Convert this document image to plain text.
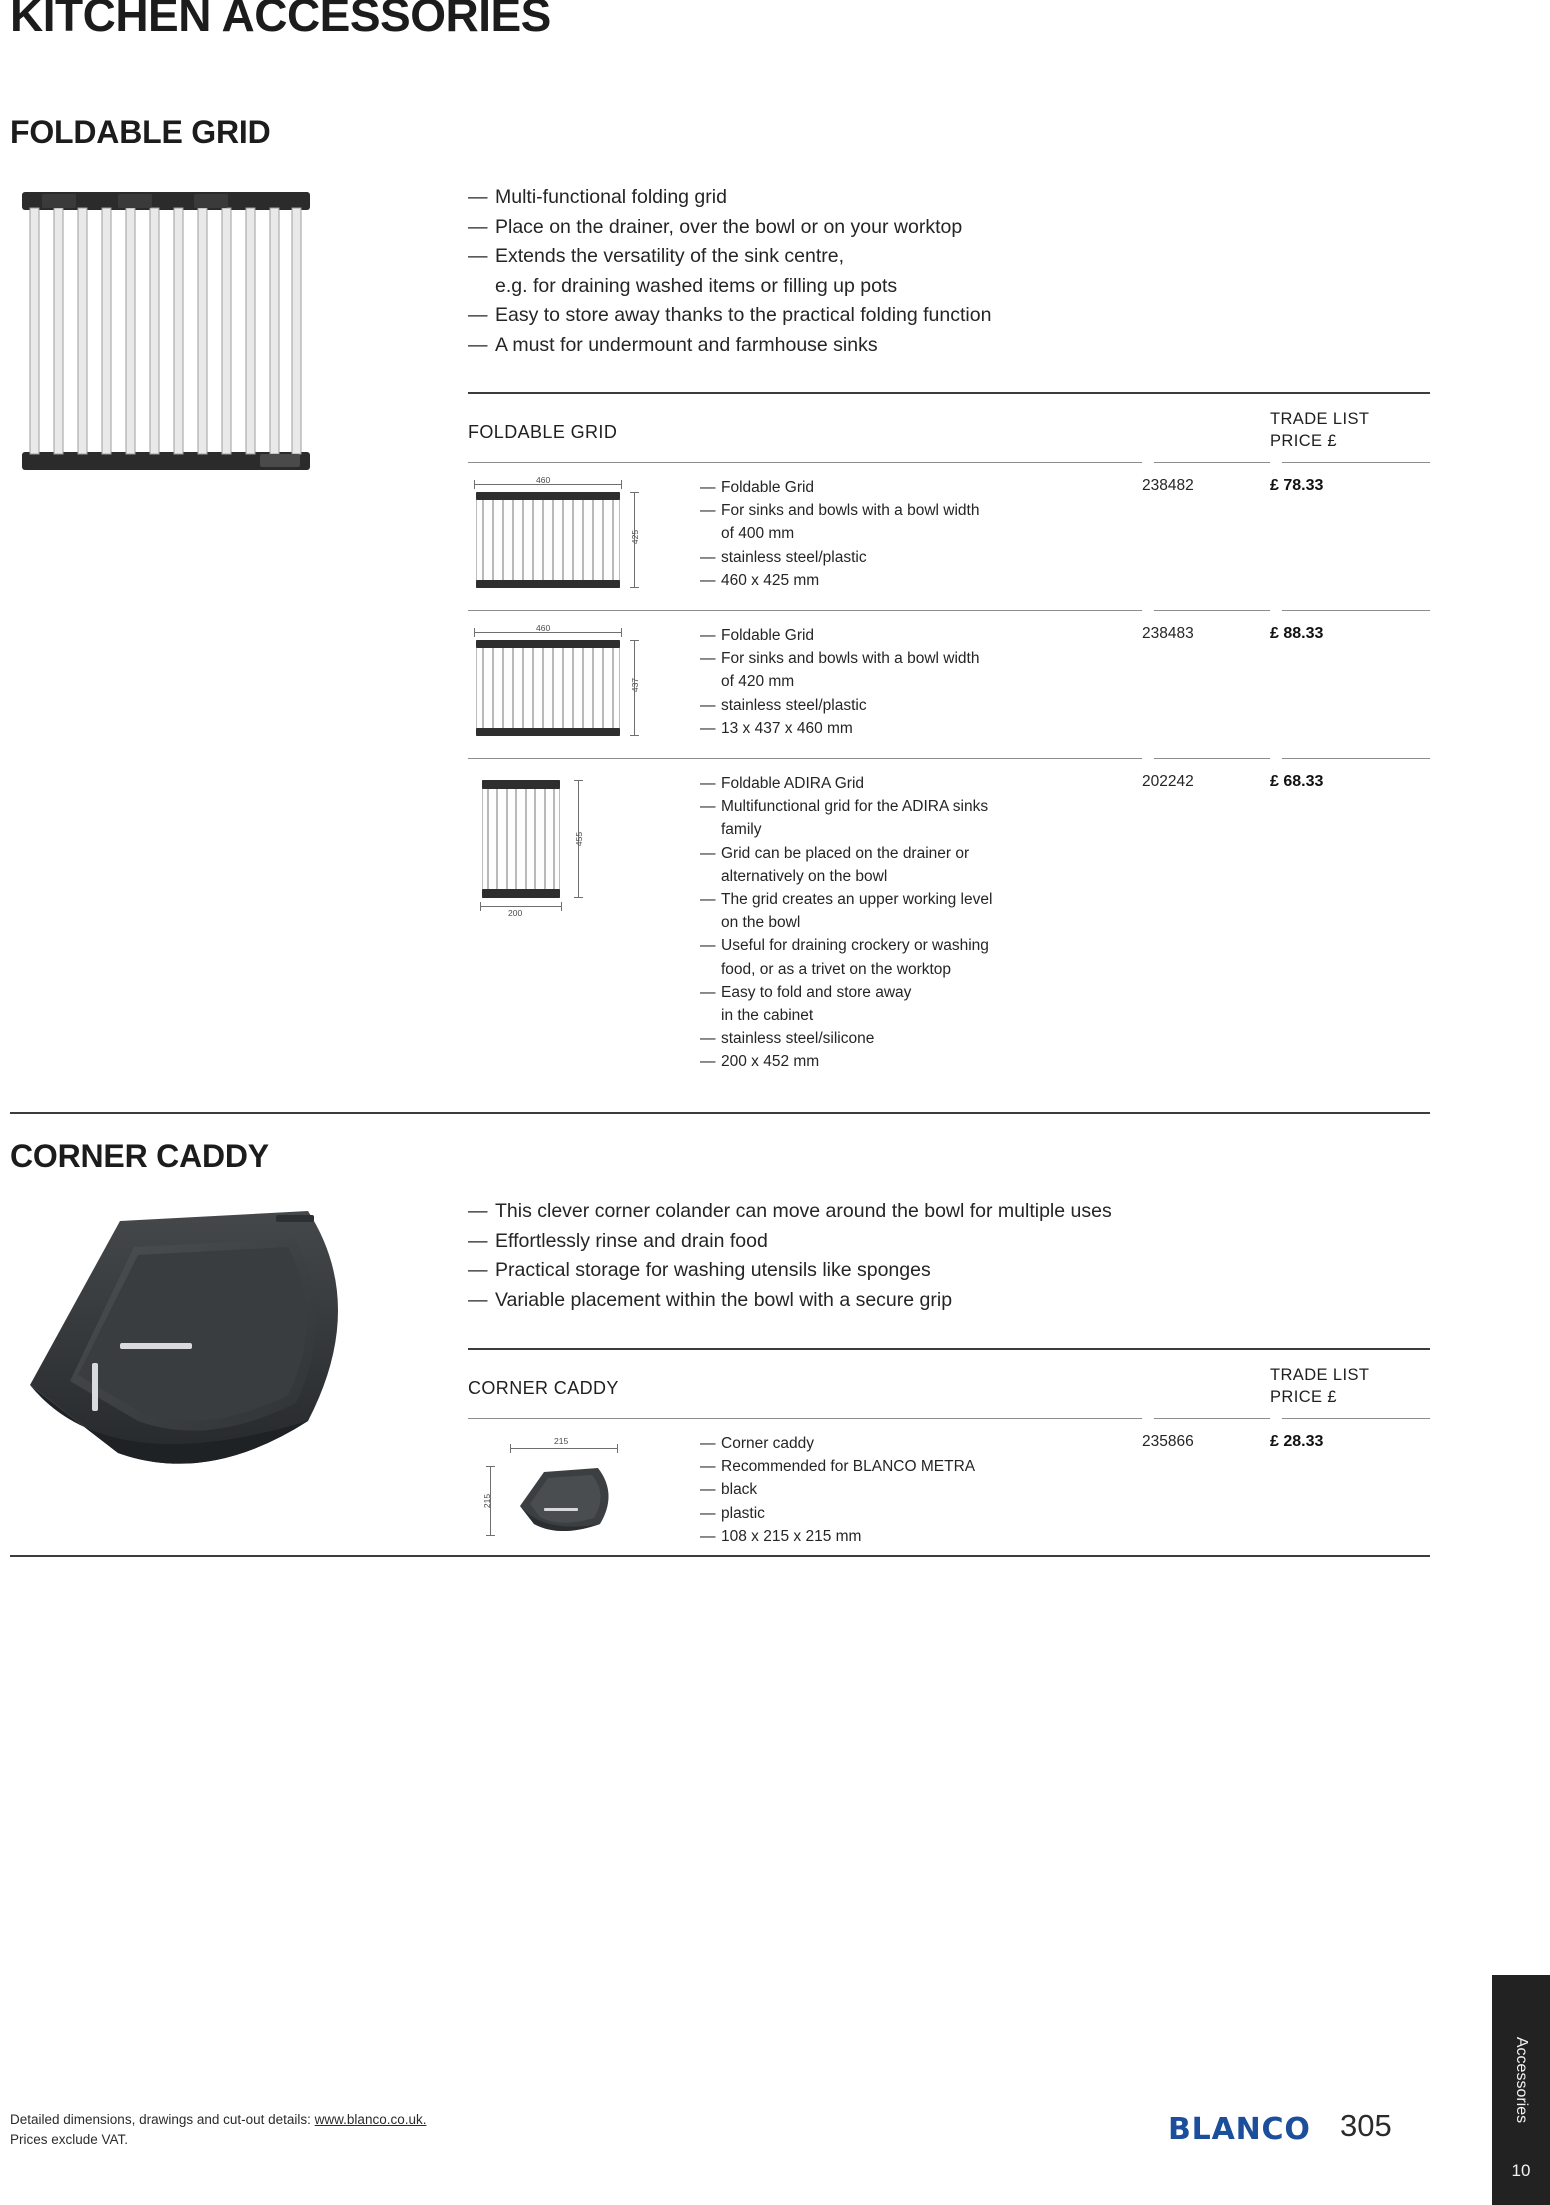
KITCHEN ACCESSORIES
FOLDABLE GRID
— Multi-functional folding grid
— Place on the drainer, over the bowl or on your worktop
— Extends the versatility of the sink centre,
e.g. for draining washed items or filling up pots
— Easy to store away thanks to the practical folding function
— A must for undermount and farmhouse sinks
FOLDABLE GRID
TRADE LIST
PRICE £
460
425
— Foldable Grid
— For sinks and bowls with a bowl width
of 400 mm
— stainless steel/plastic
— 460 x 425 mm
238482	£ 78.33
460
437
— Foldable Grid
— For sinks and bowls with a bowl width
of 420 mm
— stainless steel/plastic
— 13 x 437 x 460 mm
238483	£ 88.33
455
200
— Foldable ADIRA Grid
— Multifunctional grid for the ADIRA sinks
family
— Grid can be placed on the drainer or
alternatively on the bowl
— The grid creates an upper working level
on the bowl
— Useful for draining crockery or washing
food, or as a trivet on the worktop
— Easy to fold and store away
in the cabinet
— stainless steel/silicone
— 200 x 452 mm
202242	£ 68.33
CORNER CADDY
— This clever corner colander can move around the bowl for multiple uses
— Effortlessly rinse and drain food
— Practical storage for washing utensils like sponges
— Variable placement within the bowl with a secure grip
CORNER CADDY
TRADE LIST
PRICE £
215
215
— Corner caddy
— Recommended for BLANCO METRA
— black
— plastic
— 108 x 215 x 215 mm
235866	£ 28.33
Detailed dimensions, drawings and cut-out details: www.blanco.co.uk.
Prices exclude VAT.	BLANCO 305
Accessories
10
